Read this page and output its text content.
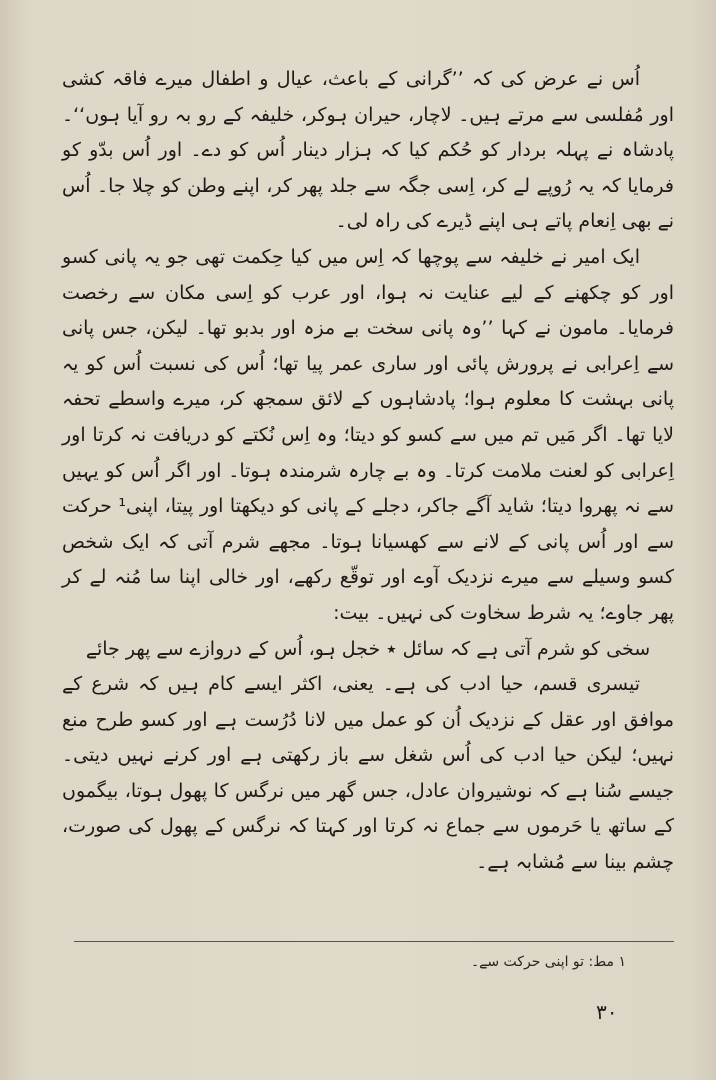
اُس نے عرض کی کہ ’’گرانی کے باعث، عیال و اطفال میرے فاقہ کشی اور مُفلسی سے مرتے ہیں۔ لاچار، حیران ہوکر، خلیفہ کے رو بہ رو آیا ہوں‘‘۔ پادشاہ نے پہلہ بردار کو حُکم کیا کہ ہزار دینار اُس کو دے۔ اور اُس بدّو کو فرمایا کہ یہ رُوپے لے کر، اِسی جگہ سے جلد پھر کر، اپنے وطن کو چلا جا۔ اُس نے بھی اِنعام پاتے ہی اپنے ڈیرے کی راہ لی۔

ایک امیر نے خلیفہ سے پوچھا کہ اِس میں کیا حِکمت تھی جو یہ پانی کسو اور کو چکھنے کے لیے عنایت نہ ہوا، اور عرب کو اِسی مکان سے رخصت فرمایا۔ مامون نے کہا ’’وہ پانی سخت بے مزہ اور بدبو تھا۔ لیکن، جس پانی سے اِعرابی نے پرورش پائی اور ساری عمر پیا تھا؛ اُس کی نسبت اُس کو یہ پانی بہشت کا معلوم ہوا؛ پادشاہوں کے لائق سمجھ کر، میرے واسطے تحفہ لایا تھا۔ اگر مَیں تم میں سے کسو کو دیتا؛ وہ اِس نُکتے کو دریافت نہ کرتا اور اِعرابی کو لعنت ملامت کرتا۔ وہ بے چارہ شرمندہ ہوتا۔ اور اگر اُس کو یہیں سے نہ پھروا دیتا؛ شاید آگے جاکر، دجلے کے پانی کو دیکھتا اور پیتا، اپنی¹ حرکت سے اور اُس پانی کے لانے سے کھسیانا ہوتا۔ مجھے شرم آتی کہ ایک شخص کسو وسیلے سے میرے نزدیک آوے اور توقّع رکھے، اور خالی اپنا سا مُنہ لے کر پھر جاوے؛ یہ شرط سخاوت کی نہیں۔ بیت:

سخی کو شرم آتی ہے کہ سائل ٭ خجل ہو، اُس کے دروازے سے پھر جائے

تیسری قسم، حیا ادب کی ہے۔ یعنی، اکثر ایسے کام ہیں کہ شرع کے موافق اور عقل کے نزدیک اُن کو عمل میں لانا دُرُست ہے اور کسو طرح منع نہیں؛ لیکن حیا ادب کی اُس شغل سے باز رکھتی ہے اور کرنے نہیں دیتی۔ جیسے سُنا ہے کہ نوشیروان عادل، جس گھر میں نرگس کا پھول ہوتا، بیگموں کے ساتھ یا حَرموں سے جماع نہ کرتا اور کہتا کہ نرگس کے پھول کی صورت، چشم بینا سے مُشابہ ہے۔

١ مط: تو اپنی حرکت سے۔
٣٠
